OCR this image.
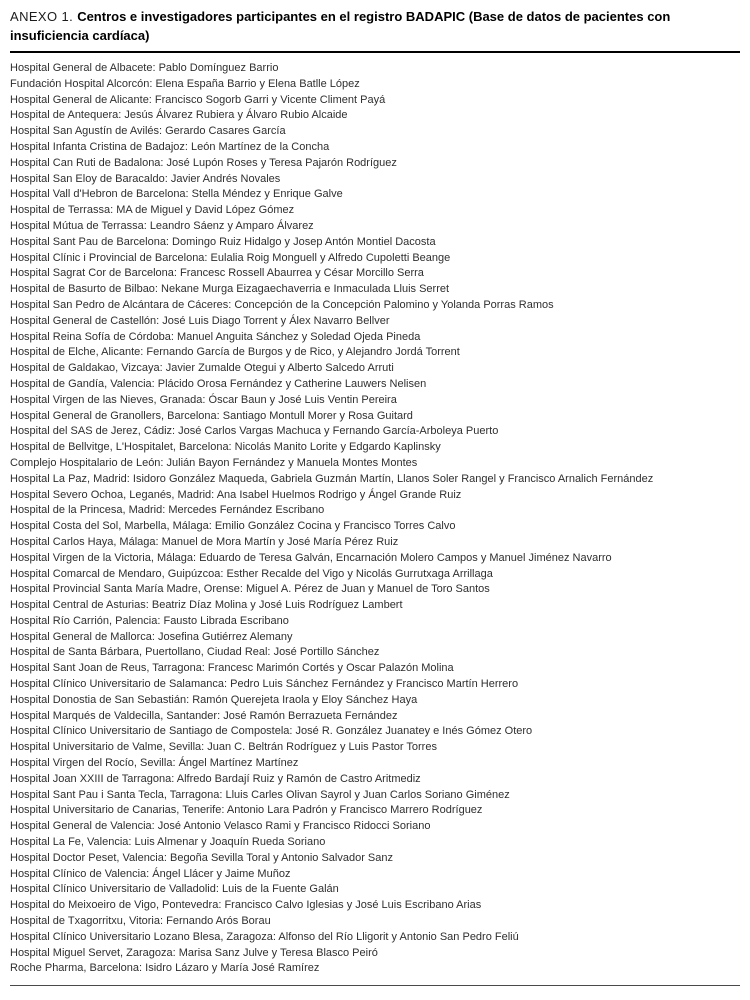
ANEXO 1. Centros e investigadores participantes en el registro BADAPIC (Base de datos de pacientes con insuficiencia cardíaca)
Hospital General de Albacete: Pablo Domínguez Barrio
Fundación Hospital Alcorcón: Elena España Barrio y Elena Batlle López
Hospital General de Alicante: Francisco Sogorb Garri y Vicente Climent Payá
Hospital de Antequera: Jesús Álvarez Rubiera y Álvaro Rubio Alcaide
Hospital San Agustín de Avilés: Gerardo Casares García
Hospital Infanta Cristina de Badajoz: León Martínez de la Concha
Hospital Can Ruti de Badalona: José Lupón Roses y Teresa Pajarón Rodríguez
Hospital San Eloy de Baracaldo: Javier Andrés Novales
Hospital Vall d'Hebron de Barcelona: Stella Méndez y Enrique Galve
Hospital de Terrassa: MA de Miguel y David López Gómez
Hospital Mútua de Terrassa: Leandro Sáenz y Amparo Álvarez
Hospital Sant Pau de Barcelona: Domingo Ruiz Hidalgo y Josep Antón Montiel Dacosta
Hospital Clínic i Provincial de Barcelona: Eulalia Roig Monguell y Alfredo Cupoletti Beange
Hospital Sagrat Cor de Barcelona: Francesc Rossell Abaurrea y César Morcillo Serra
Hospital de Basurto de Bilbao: Nekane Murga Eizagaechaverria e Inmaculada Lluis Serret
Hospital San Pedro de Alcántara de Cáceres: Concepción de la Concepción Palomino y Yolanda Porras Ramos
Hospital General de Castellón: José Luis Diago Torrent y Álex Navarro Bellver
Hospital Reina Sofía de Córdoba: Manuel Anguita Sánchez y Soledad Ojeda Pineda
Hospital de Elche, Alicante: Fernando García de Burgos y de Rico, y Alejandro Jordá Torrent
Hospital de Galdakao, Vizcaya: Javier Zumalde Otegui y Alberto Salcedo Arruti
Hospital de Gandía, Valencia: Plácido Orosa Fernández y Catherine Lauwers Nelisen
Hospital Virgen de las Nieves, Granada: Óscar Baun y José Luis Ventin Pereira
Hospital General de Granollers, Barcelona: Santiago Montull Morer y Rosa Guitard
Hospital del SAS de Jerez, Cádiz: José Carlos Vargas Machuca y Fernando García-Arboleya Puerto
Hospital de Bellvitge, L'Hospitalet, Barcelona: Nicolás Manito Lorite y Edgardo Kaplinsky
Complejo Hospitalario de León: Julián Bayon Fernández y Manuela Montes Montes
Hospital La Paz, Madrid: Isidoro González Maqueda, Gabriela Guzmán Martín, Llanos Soler Rangel y Francisco Arnalich Fernández
Hospital Severo Ochoa, Leganés, Madrid: Ana Isabel Huelmos Rodrigo y Ángel Grande Ruiz
Hospital de la Princesa, Madrid: Mercedes Fernández Escribano
Hospital Costa del Sol, Marbella, Málaga: Emilio González Cocina y Francisco Torres Calvo
Hospital Carlos Haya, Málaga: Manuel de Mora Martín y José María Pérez Ruiz
Hospital Virgen de la Victoria, Málaga: Eduardo de Teresa Galván, Encarnación Molero Campos y Manuel Jiménez Navarro
Hospital Comarcal de Mendaro, Guipúzcoa: Esther Recalde del Vigo y Nicolás Gurrutxaga Arrillaga
Hospital Provincial Santa María Madre, Orense: Miguel A. Pérez de Juan y Manuel de Toro Santos
Hospital Central de Asturias: Beatriz Díaz Molina y José Luis Rodríguez Lambert
Hospital Río Carrión, Palencia: Fausto Librada Escribano
Hospital General de Mallorca: Josefina Gutiérrez Alemany
Hospital de Santa Bárbara, Puertollano, Ciudad Real: José Portillo Sánchez
Hospital Sant Joan de Reus, Tarragona: Francesc Marimón Cortés y Oscar Palazón Molina
Hospital Clínico Universitario de Salamanca: Pedro Luis Sánchez Fernández y Francisco Martín Herrero
Hospital Donostia de San Sebastián: Ramón Querejeta Iraola y Eloy Sánchez Haya
Hospital Marqués de Valdecilla, Santander: José Ramón Berrazueta Fernández
Hospital Clínico Universitario de Santiago de Compostela: José R. González Juanatey e Inés Gómez Otero
Hospital Universitario de Valme, Sevilla: Juan C. Beltrán Rodríguez y Luis Pastor Torres
Hospital Virgen del Rocío, Sevilla: Ángel Martínez Martínez
Hospital Joan XXIII de Tarragona: Alfredo Bardají Ruiz y Ramón de Castro Aritmediz
Hospital Sant Pau i Santa Tecla, Tarragona: Lluis Carles Olivan Sayrol y Juan Carlos Soriano Giménez
Hospital Universitario de Canarias, Tenerife: Antonio Lara Padrón y Francisco Marrero Rodríguez
Hospital General de Valencia: José Antonio Velasco Rami y Francisco Ridocci Soriano
Hospital La Fe, Valencia: Luis Almenar y Joaquín Rueda Soriano
Hospital Doctor Peset, Valencia: Begoña Sevilla Toral y Antonio Salvador Sanz
Hospital Clínico de Valencia: Ángel Llácer y Jaime Muñoz
Hospital Clínico Universitario de Valladolid: Luis de la Fuente Galán
Hospital do Meixoeiro de Vigo, Pontevedra: Francisco Calvo Iglesias y José Luis Escribano Arias
Hospital de Txagorritxu, Vitoria: Fernando Arós Borau
Hospital Clínico Universitario Lozano Blesa, Zaragoza: Alfonso del Río Lligorit y Antonio San Pedro Feliú
Hospital Miguel Servet, Zaragoza: Marisa Sanz Julve y Teresa Blasco Peiró
Roche Pharma, Barcelona: Isidro Lázaro y María José Ramírez
